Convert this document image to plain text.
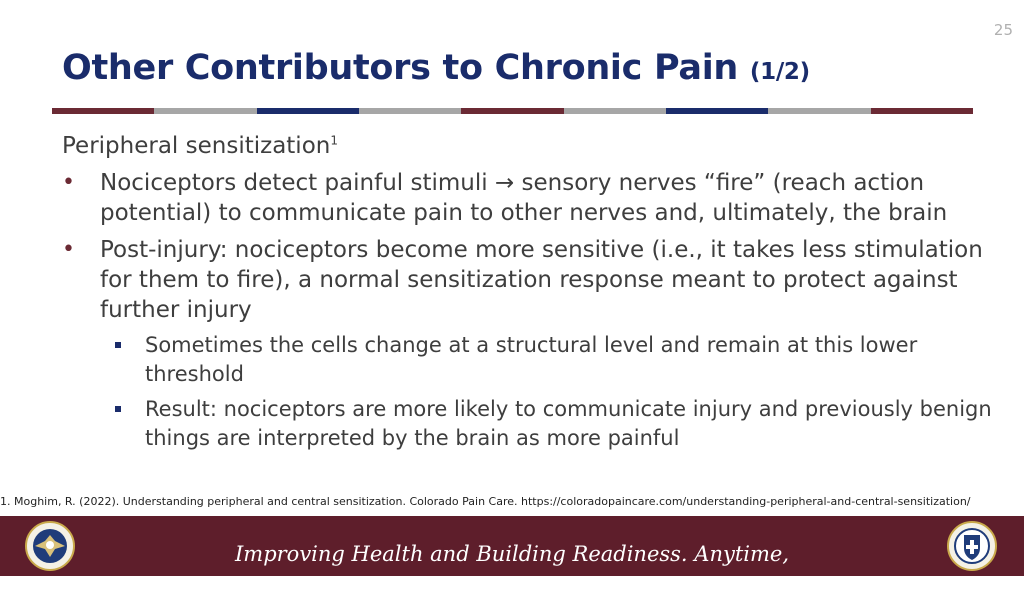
25
Other Contributors to Chronic Pain (1/2)

Peripheral sensitization$^1$

• Nociceptors detect painful stimuli → sensory nerves “fire” (reach action potential) to communicate pain to other nerves and, ultimately, the brain
• Post-injury: nociceptors become more sensitive (i.e., it takes less stimulation for them to fire), a normal sensitization response meant to protect against further injury
Sometimes the cells change at a structural level and remain at this lower threshold
Result: nociceptors are more likely to communicate injury and previously benign things are interpreted by the brain as more painful
1. Moghim, R. (2022). Understanding peripheral and central sensitization. Colorado Pain Care. https://coloradopaincare.com/understanding-peripheral-and-central-sensitization/
Improving Health and Building Readiness. Anytime,
Anywhere — Always
